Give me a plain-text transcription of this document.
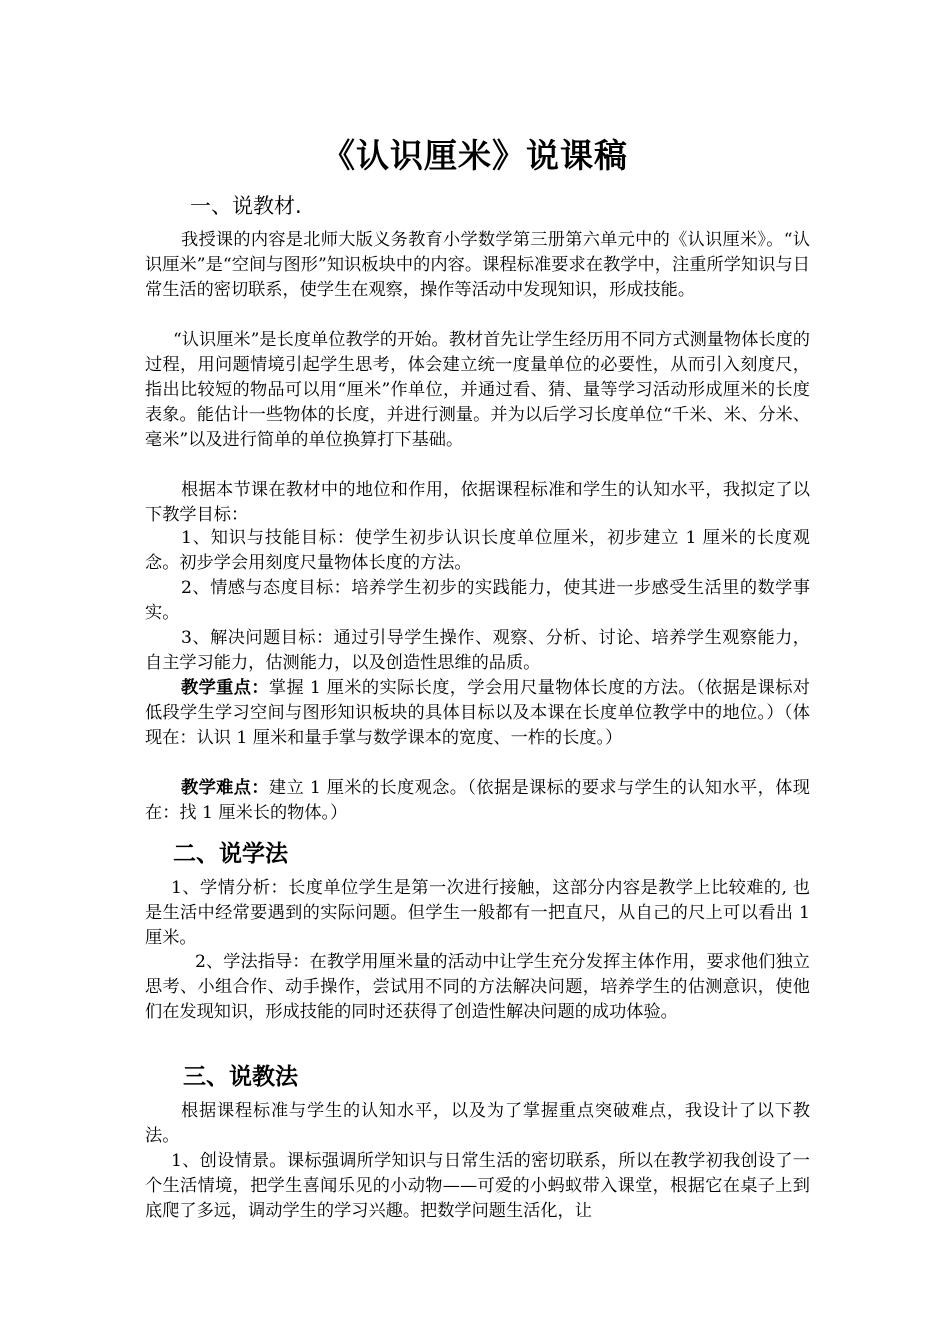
《认识厘米》说课稿
一、说教材.

我授课的内容是北师大版义务教育小学数学第三册第六单元中的《认识厘米》。“认识厘米”是“空间与图形”知识板块中的内容。课程标准要求在教学中，注重所学知识与日常生活的密切联系，使学生在观察，操作等活动中发现知识，形成技能。

“认识厘米”是长度单位教学的开始。教材首先让学生经历用不同方式测量物体长度的过程，用问题情境引起学生思考，体会建立统一度量单位的必要性，从而引入刻度尺，指出比较短的物品可以用“厘米”作单位，并通过看、猜、量等学习活动形成厘米的长度表象。能估计一些物体的长度，并进行测量。并为以后学习长度单位“千米、米、分米、毫米”以及进行简单的单位换算打下基础。

根据本节课在教材中的地位和作用，依据课程标准和学生的认知水平，我拟定了以下教学目标：

1、知识与技能目标：使学生初步认识长度单位厘米，初步建立 1 厘米的长度观念。初步学会用刻度尺量物体长度的方法。

2、情感与态度目标：培养学生初步的实践能力，使其进一步感受生活里的数学事实。

3、解决问题目标：通过引导学生操作、观察、分析、讨论、培养学生观察能力，自主学习能力，估测能力，以及创造性思维的品质。

教学重点：掌握 1 厘米的实际长度，学会用尺量物体长度的方法。（依据是课标对低段学生学习空间与图形知识板块的具体目标以及本课在长度单位教学中的地位。）（体现在：认识 1 厘米和量手掌与数学课本的宽度、一柞的长度。）

教学难点：建立 1 厘米的长度观念。（依据是课标的要求与学生的认知水平，体现在：找 1 厘米长的物体。）

二、说学法

1、学情分析：长度单位学生是第一次进行接触，这部分内容是教学上比较难的, 也是生活中经常要遇到的实际问题。但学生一般都有一把直尺，从自己的尺上可以看出 1 厘米。

2、学法指导：在教学用厘米量的活动中让学生充分发挥主体作用，要求他们独立思考、小组合作、动手操作，尝试用不同的方法解决问题，培养学生的估测意识，使他们在发现知识，形成技能的同时还获得了创造性解决问题的成功体验。

三、说教法

根据课程标准与学生的认知水平，以及为了掌握重点突破难点，我设计了以下教法。

1、创设情景。课标强调所学知识与日常生活的密切联系，所以在教学初我创设了一个生活情境，把学生喜闻乐见的小动物——可爱的小蚂蚁带入课堂，根据它在桌子上到底爬了多远，调动学生的学习兴趣。把数学问题生活化，让
